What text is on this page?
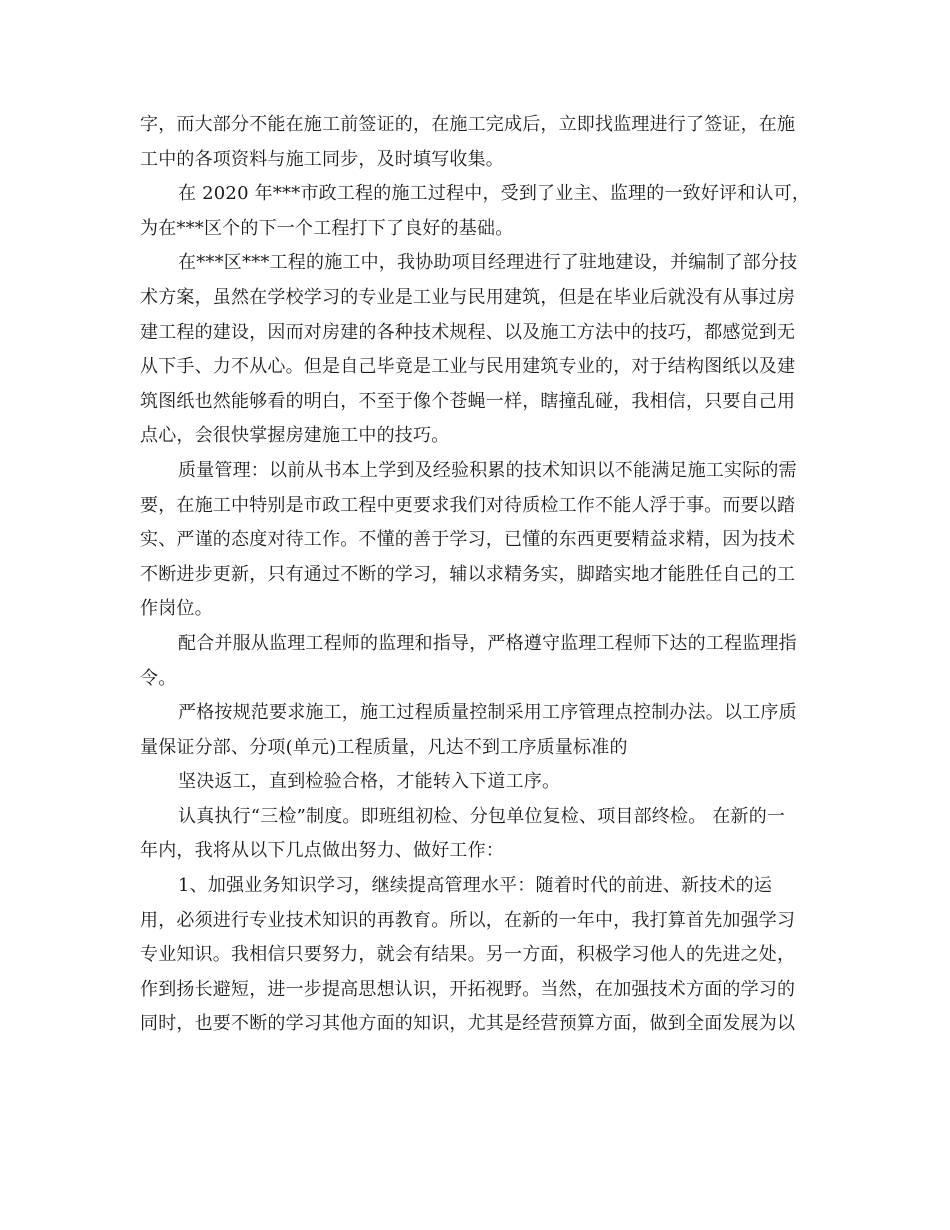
字，而大部分不能在施工前签证的，在施工完成后，立即找监理进行了签证，在施
工中的各项资料与施工同步，及时填写收集。
在 2020 年***市政工程的施工过程中，受到了业主、监理的一致好评和认可，
为在***区个的下一个工程打下了良好的基础。
在***区***工程的施工中，我协助项目经理进行了驻地建设，并编制了部分技
术方案，虽然在学校学习的专业是工业与民用建筑，但是在毕业后就没有从事过房
建工程的建设，因而对房建的各种技术规程、以及施工方法中的技巧，都感觉到无
从下手、力不从心。但是自己毕竟是工业与民用建筑专业的，对于结构图纸以及建
筑图纸也然能够看的明白，不至于像个苍蝇一样，瞎撞乱碰，我相信，只要自己用
点心，会很快掌握房建施工中的技巧。
质量管理：以前从书本上学到及经验积累的技术知识以不能满足施工实际的需
要，在施工中特别是市政工程中更要求我们对待质检工作不能人浮于事。而要以踏
实、严谨的态度对待工作。不懂的善于学习，已懂的东西更要精益求精，因为技术
不断进步更新，只有通过不断的学习，辅以求精务实，脚踏实地才能胜任自己的工
作岗位。
配合并服从监理工程师的监理和指导，严格遵守监理工程师下达的工程监理指
令。
严格按规范要求施工，施工过程质量控制采用工序管理点控制办法。以工序质
量保证分部、分项(单元)工程质量，凡达不到工序质量标准的
坚决返工，直到检验合格，才能转入下道工序。
认真执行“三检”制度。即班组初检、分包单位复检、项目部终检。 在新的一
年内，我将从以下几点做出努力、做好工作：
1、加强业务知识学习，继续提高管理水平：随着时代的前进、新技术的运
用，必须进行专业技术知识的再教育。所以，在新的一年中，我打算首先加强学习
专业知识。我相信只要努力，就会有结果。另一方面，积极学习他人的先进之处，
作到扬长避短，进一步提高思想认识，开拓视野。当然，在加强技术方面的学习的
同时，也要不断的学习其他方面的知识，尤其是经营预算方面，做到全面发展为以
